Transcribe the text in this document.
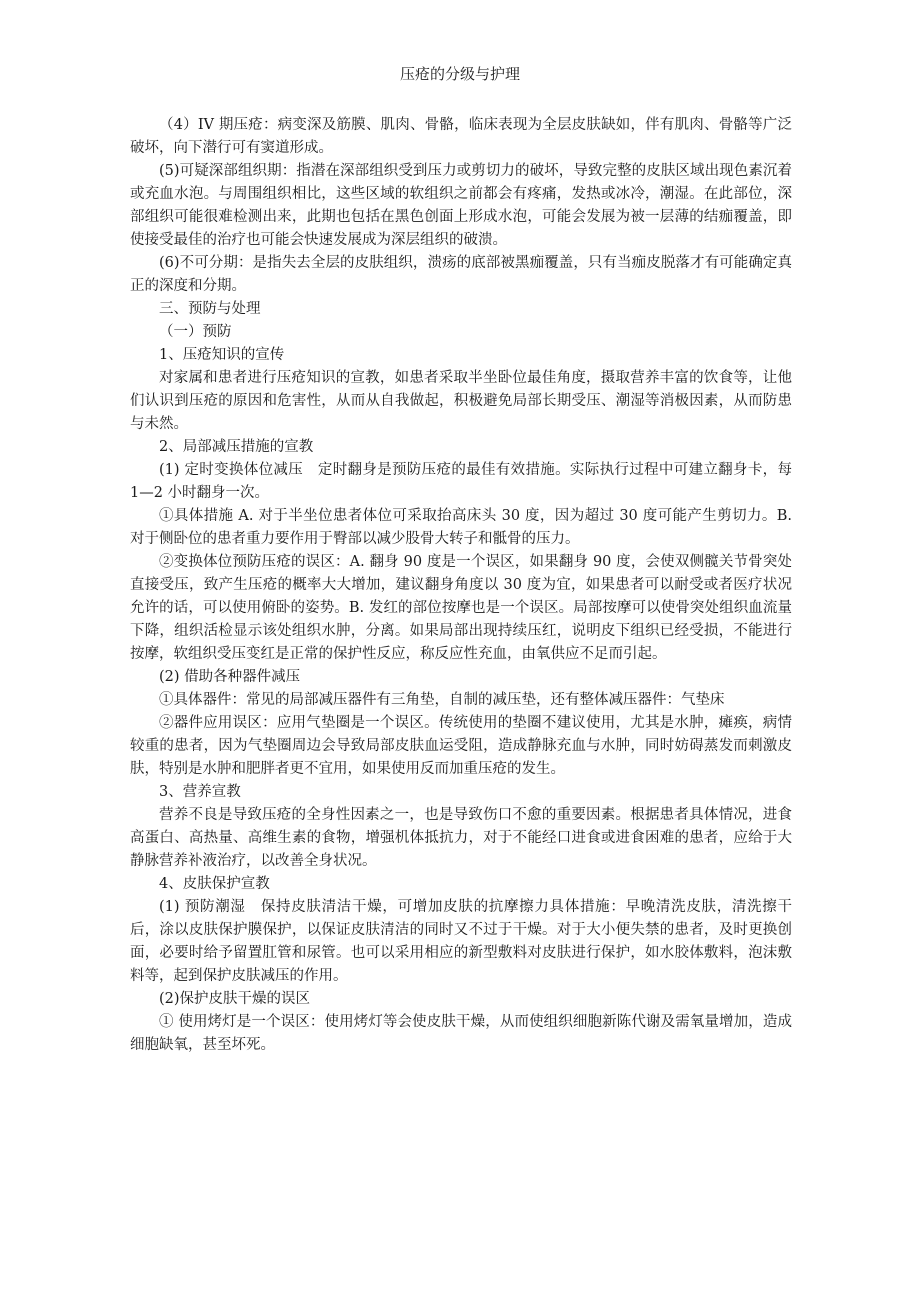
压疮的分级与护理

（4）IV 期压疮：病变深及筋膜、肌肉、骨骼，临床表现为全层皮肤缺如，伴有肌肉、骨骼等广泛破坏，向下潜行可有窦道形成。

(5)可疑深部组织期：指潜在深部组织受到压力或剪切力的破坏，导致完整的皮肤区域出现色素沉着或充血水泡。与周围组织相比，这些区域的软组织之前都会有疼痛，发热或冰冷，潮湿。在此部位，深部组织可能很难检测出来，此期也包括在黑色创面上形成水泡，可能会发展为被一层薄的结痂覆盖，即使接受最佳的治疗也可能会快速发展成为深层组织的破溃。

(6)不可分期：是指失去全层的皮肤组织，溃疡的底部被黑痂覆盖，只有当痂皮脱落才有可能确定真正的深度和分期。

三、预防与处理

（一）预防

1、压疮知识的宣传

对家属和患者进行压疮知识的宣教，如患者采取半坐卧位最佳角度，摄取营养丰富的饮食等，让他们认识到压疮的原因和危害性，从而从自我做起，积极避免局部长期受压、潮湿等消极因素，从而防患与未然。

2、局部减压措施的宣教

(1) 定时变换体位减压　定时翻身是预防压疮的最佳有效措施。实际执行过程中可建立翻身卡，每 1—2 小时翻身一次。

①具体措施 A. 对于半坐位患者体位可采取抬高床头 30 度，因为超过 30 度可能产生剪切力。B. 对于侧卧位的患者重力要作用于臀部以减少股骨大转子和骶骨的压力。

②变换体位预防压疮的误区：A. 翻身 90 度是一个误区，如果翻身 90 度，会使双侧髋关节骨突处直接受压，致产生压疮的概率大大增加，建议翻身角度以 30 度为宜，如果患者可以耐受或者医疗状况允许的话，可以使用俯卧的姿势。B. 发红的部位按摩也是一个误区。局部按摩可以使骨突处组织血流量下降，组织活检显示该处组织水肿，分离。如果局部出现持续压红，说明皮下组织已经受损，不能进行按摩，软组织受压变红是正常的保护性反应，称反应性充血，由氧供应不足而引起。

(2) 借助各种器件减压

①具体器件：常见的局部减压器件有三角垫，自制的减压垫，还有整体减压器件：气垫床

②器件应用误区：应用气垫圈是一个误区。传统使用的垫圈不建议使用，尤其是水肿，瘫痪，病情较重的患者，因为气垫圈周边会导致局部皮肤血运受阻，造成静脉充血与水肿，同时妨碍蒸发而刺激皮肤，特别是水肿和肥胖者更不宜用，如果使用反而加重压疮的发生。

3、营养宣教

营养不良是导致压疮的全身性因素之一，也是导致伤口不愈的重要因素。根据患者具体情况，进食高蛋白、高热量、高维生素的食物，增强机体抵抗力，对于不能经口进食或进食困难的患者，应给于大静脉营养补液治疗，以改善全身状况。

4、皮肤保护宣教

(1) 预防潮湿　保持皮肤清洁干燥，可增加皮肤的抗摩擦力具体措施：早晚清洗皮肤，清洗擦干后，涂以皮肤保护膜保护，以保证皮肤清洁的同时又不过于干燥。对于大小便失禁的患者，及时更换创面，必要时给予留置肛管和尿管。也可以采用相应的新型敷料对皮肤进行保护，如水胶体敷料，泡沫敷料等，起到保护皮肤减压的作用。

(2)保护皮肤干燥的误区

① 使用烤灯是一个误区：使用烤灯等会使皮肤干燥，从而使组织细胞新陈代谢及需氧量增加，造成细胞缺氧，甚至坏死。
